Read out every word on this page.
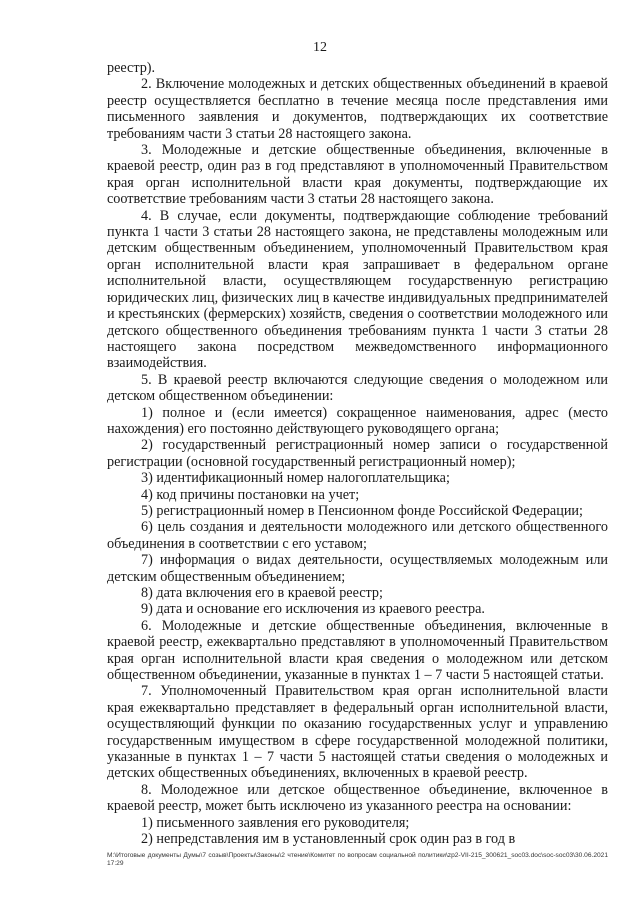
12

реестр).

2. Включение молодежных и детских общественных объединений в краевой реестр осуществляется бесплатно в течение месяца после представления ими письменного заявления и документов, подтверждающих их соответствие требованиям части 3 статьи 28 настоящего закона.

3. Молодежные и детские общественные объединения, включенные в краевой реестр, один раз в год представляют в уполномоченный Правительством края орган исполнительной власти края документы, подтверждающие их соответствие требованиям части 3 статьи 28 настоящего закона.

4. В случае, если документы, подтверждающие соблюдение требований пункта 1 части 3 статьи 28 настоящего закона, не представлены молодежным или детским общественным объединением, уполномоченный Правительством края орган исполнительной власти края запрашивает в федеральном органе исполнительной власти, осуществляющем государственную регистрацию юридических лиц, физических лиц в качестве индивидуальных предпринимателей и крестьянских (фермерских) хозяйств, сведения о соответствии молодежного или детского общественного объединения требованиям пункта 1 части 3 статьи 28 настоящего закона посредством межведомственного информационного взаимодействия.

5. В краевой реестр включаются следующие сведения о молодежном или детском общественном объединении:

1) полное и (если имеется) сокращенное наименования, адрес (место нахождения) его постоянно действующего руководящего органа;

2) государственный регистрационный номер записи о государственной регистрации (основной государственный регистрационный номер);

3) идентификационный номер налогоплательщика;

4) код причины постановки на учет;

5) регистрационный номер в Пенсионном фонде Российской Федерации;

6) цель создания и деятельности молодежного или детского общественного объединения в соответствии с его уставом;

7) информация о видах деятельности, осуществляемых молодежным или детским общественным объединением;

8) дата включения его в краевой реестр;

9) дата и основание его исключения из краевого реестра.

6. Молодежные и детские общественные объединения, включенные в краевой реестр, ежеквартально представляют в уполномоченный Правительством края орган исполнительной власти края сведения о молодежном или детском общественном объединении, указанные в пунктах 1 – 7 части 5 настоящей статьи.

7. Уполномоченный Правительством края орган исполнительной власти края ежеквартально представляет в федеральный орган исполнительной власти, осуществляющий функции по оказанию государственных услуг и управлению государственным имуществом в сфере государственной молодежной политики, указанные в пунктах 1 – 7 части 5 настоящей статьи сведения о молодежных и детских общественных объединениях, включенных в краевой реестр.

8. Молодежное или детское общественное объединение, включенное в краевой реестр, может быть исключено из указанного реестра на основании:

1) письменного заявления его руководителя;

2) непредставления им в установленный срок один раз в год в

M:\Итоговые документы Думы\7 созыв\Проекты\Законы\2 чтение\Комитет по вопросам социальной политики\zp2-VII-215_300621_soc03.doc\soc-soc03\30.06.2021 17:29
